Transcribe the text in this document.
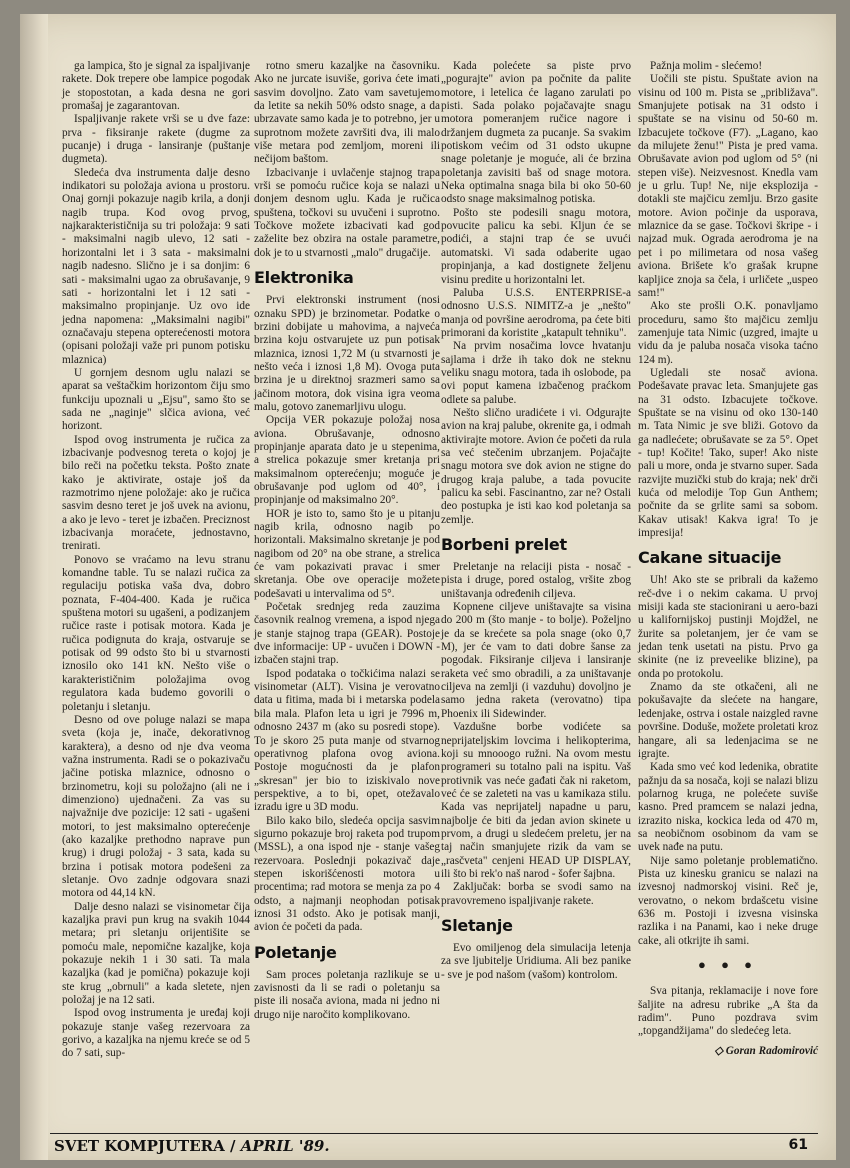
ga lampica, što je signal za ispaljivanje rakete. Dok trepere obe lampice pogodak je stopostotan, a kada desna ne gori promašaj je zagarantovan.

Ispaljivanje rakete vrši se u dve faze: prva - fiksiranje rakete (dugme za pucanje) i druga - lansiranje (puštanje dugmeta).

Sledeća dva instrumenta dalje desno indikatori su položaja aviona u prostoru. Onaj gornji pokazuje nagib krila, a donji nagib trupa. Kod ovog prvog, najkarakterističnija su tri položaja: 9 sati - maksimalni nagib ulevo, 12 sati - horizontalni let i 3 sata - maksimalni nagib nadesno. Slično je i sa donjim: 6 sati - maksimalni ugao za obrušavanje, 9 sati - horizontalni let i 12 sati - maksimalno propinjanje. Uz ovo ide jedna napomena: „Maksimalni nagibi" označavaju stepena opterećenosti motora (opisani položaji važe pri punom potisku mlaznica)

U gornjem desnom uglu nalazi se aparat sa veštačkim horizontom čiju smo funkciju upoznali u „Ejsu", samo što se sada ne „naginje" slčica aviona, već horizont.

Ispod ovog instrumenta je ručica za izbacivanje podvesnog tereta o kojoj je bilo reči na početku teksta. Pošto znate kako je aktivirate, ostaje još da razmotrimo njene položaje: ako je ručica sasvim desno teret je još uvek na avionu, a ako je levo - teret je izbačen. Preciznost izbacivanja moraćete, jednostavno, trenirati.

Ponovo se vraćamo na levu stranu komandne table. Tu se nalazi ručica za regulaciju potiska vaša dva, dobro poznata, F-404-400. Kada je ručica spuštena motori su ugašeni, a podizanjem ručice raste i potisak motora. Kada je ručica podignuta do kraja, ostvaruje se potisak od 99 odsto što bi u stvarnosti iznosilo oko 141 kN. Nešto više o karakterističnim položajima ovog regulatora kada budemo govorili o poletanju i sletanju.

Desno od ove poluge nalazi se mapa sveta (koja je, inače, dekorativnog karaktera), a desno od nje dva veoma važna instrumenta. Radi se o pokazivaču jačine potiska mlaznice, odnosno o brzinometru, koji su položajno (ali ne i dimenziono) ujednačeni. Za vas su najvažnije dve pozicije: 12 sati - ugašeni motori, to jest maksimalno opterećenje (ako kazaljke prethodno naprave pun krug) i drugi položaj - 3 sata, kada su brzina i potisak motora podešeni za sletanje. Ovo zadnje odgovara snazi motora od 44,14 kN.

Dalje desno nalazi se visinometar čija kazaljka pravi pun krug na svakih 1044 metara; pri sletanju orijentišite se pomoću male, nepomične kazaljke, koja pokazuje nekih 1 i 30 sati. Ta mala kazaljka (kad je pomična) pokazuje koji ste krug „obrnuli" a kada sletete, njen položaj je na 12 sati.

Ispod ovog instrumenta je uređaj koji pokazuje stanje vašeg rezervoara za gorivo, a kazaljka na njemu kreće se od 5 do 7 sati, sup-

rotno smeru kazaljke na časovniku. Ako ne jurcate isuviše, goriva ćete imati sasvim dovoljno. Zato vam savetujemo da letite sa nekih 50% odsto snage, a da ubrzavate samo kada je to potrebno, jer u suprotnom možete završiti dva, ili malo više metara pod zemljom, moreni ili nečijom baštom.

Izbacivanje i uvlačenje stajnog trapa vrši se pomoću ručice koja se nalazi u donjem desnom uglu. Kada je ručica spuštena, točkovi su uvučeni i suprotno. Točkove možete izbacivati kad god zaželite bez obzira na ostale parametre, dok je to u stvarnosti „malo" drugačije.

Elektronika

Prvi elektronski instrument (nosi oznaku SPD) je brzinometar. Podatke o brzini dobijate u mahovima, a najveća brzina koju ostvarujete uz pun potisak mlaznica, iznosi 1,72 M (u stvarnosti je nešto veća i iznosi 1,8 M). Ovoga puta brzina je u direktnoj srazmeri samo sa jačinom motora, dok visina igra veoma malu, gotovo zanemarljivu ulogu.

Opcija VER pokazuje položaj nosa aviona. Obrušavanje, odnosno propinjanje aparata dato je u stepenima, a strelica pokazuje smer kretanja pri maksimalnom opterećenju; moguće je obrušavanje pod uglom od 40°, i propinjanje od maksimalno 20°.

HOR je isto to, samo što je u pitanju nagib krila, odnosno nagib po horizontali. Maksimalno skretanje je pod nagibom od 20° na obe strane, a strelica će vam pokazivati pravac i smer skretanja. Obe ove operacije možete podešavati u intervalima od 5°.

Početak srednjeg reda zauzima časovnik realnog vremena, a ispod njega je stanje stajnog trapa (GEAR). Postoje dve informacije: UP - uvučen i DOWN - izbačen stajni trap.

Ispod podataka o točkićima nalazi se visinometar (ALT). Visina je verovatno data u fitima, mada bi i metarska podela bila mala. Plafon leta u igri je 7996 m, odnosno 2437 m (ako su posredi stope). To je skoro 25 puta manje od stvarnog operativnog plafona ovog aviona. Postoje mogućnosti da je plafon „skresan" jer bio to iziskivalo nove perspektive, a to bi, opet, otežavalo izradu igre u 3D modu.

Bilo kako bilo, sledeća opcija sasvim sigurno pokazuje broj raketa pod trupom (MSSL), a ona ispod nje - stanje vašeg rezervoara. Poslednji pokazivač daje stepen iskorišćenosti motora u procentima; rad motora se menja za po 4 odsto, a najmanji neophodan potisak iznosi 31 odsto. Ako je potisak manji, avion će početi da pada.

Poletanje

Sam proces poletanja razlikuje se u zavisnosti da li se radi o poletanju sa piste ili nosača aviona, mada ni jedno ni drugo nije naročito komplikovano.

Kada polećete sa piste prvo „pogurajte" avion pa počnite da palite motore, i letelica će lagano zarulati po pisti. Sada polako pojačavajte snagu motora pomeranjem ručice nagore i držanjem dugmeta za pucanje. Sa svakim potiskom većim od 31 odsto ukupne snage poletanje je moguće, ali će brzina poletanja zavisiti baš od snage motora. Neka optimalna snaga bila bi oko 50-60 odsto snage maksimalnog potiska.

Pošto ste podesili snagu motora, povucite palicu ka sebi. Kljun će se podići, a stajni trap će se uvući automatski. Vi sada odaberite ugao propinjanja, a kad dostignete željenu visinu predite u horizontalni let.

Paluba U.S.S. ENTERPRISE-a odnosno U.S.S. NIMITZ-a je „nešto" manja od površine aerodroma, pa ćete biti primorani da koristite „katapult tehniku".

Na prvim nosačima lovce hvatanju sajlama i drže ih tako dok ne steknu veliku snagu motora, tada ih oslobode, pa ovi poput kamena izbačenog praćkom odlete sa palube.

Nešto slično uradićete i vi. Odgurajte avion na kraj palube, okrenite ga, i odmah aktivirajte motore. Avion će početi da rula sa već stečenim ubrzanjem. Pojačajte snagu motora sve dok avion ne stigne do drugog kraja palube, a tada povucite palicu ka sebi. Fascinantno, zar ne? Ostali deo postupka je isti kao kod poletanja sa zemlje.

Borbeni prelet

Preletanje na relaciji pista - nosač - pista i druge, pored ostalog, vršite zbog uništavanja određenih ciljeva.

Kopnene ciljeve uništavajte sa visina do 200 m (što manje - to bolje). Poželjno je da se krećete sa pola snage (oko 0,7 M), jer će vam to dati dobre šanse za pogodak. Fiksiranje ciljeva i lansiranje raketa već smo obradili, a za uništavanje ciljeva na zemlji (i vazduhu) dovoljno je samo jedna raketa (verovatno) tipa Phoenix ili Sidewinder.

Vazdušne borbe vodićete sa neprijateljskim lovcima i helikopterima, koji su mnooogo ružni. Na ovom mestu programeri su totalno pali na ispitu. Vaš protivnik vas neće gađati čak ni raketom, već će se zaleteti na vas u kamikaza stilu. Kada vas neprijatelj napadne u paru, najbolje će biti da jedan avion skinete u prvom, a drugi u sledećem preletu, jer na taj način smanjujete rizik da vam se „rasčveta" cenjeni HEAD UP DISPLAY, ili što bi rek'o naš narod - šofer šajbna.

Zaključak: borba se svodi samo na pravovremeno ispaljivanje rakete.

Sletanje

Evo omiljenog dela simulacija letenja za sve ljubitelje Uridiuma. Ali bez panike - sve je pod našom (vašom) kontrolom.

Pažnja molim - slećemo!

Uočili ste pistu. Spuštate avion na visinu od 100 m. Pista se „približava". Smanjujete potisak na 31 odsto i spuštate se na visinu od 50-60 m. Izbacujete točkove (F7). „Lagano, kao da milujete ženu!" Pista je pred vama. Obrušavate avion pod uglom od 5° (ni stepen više). Neizvesnost. Knedla vam je u grlu. Tup! Ne, nije eksplozija - dotakli ste majčicu zemlju. Brzo gasite motore. Avion počinje da usporava, mlaznice da se gase. Točkovi škripe - i najzad muk. Ograda aerodroma je na pet i po milimetara od nosa vašeg aviona. Brišete k'o grašak krupne kapljice znoja sa čela, i urličete „uspeo sam!"

Ako ste prošli O.K. ponavljamo proceduru, samo što majčicu zemlju zamenjuje tata Nimic (uzgred, imajte u vidu da je paluba nosača visoka taćno 124 m).

Ugledali ste nosač aviona. Podešavate pravac leta. Smanjujete gas na 31 odsto. Izbacujete točkove. Spuštate se na visinu od oko 130-140 m. Tata Nimic je sve bliži. Gotovo da ga nadlećete; obrušavate se za 5°. Opet - tup! Kočite! Tako, super! Ako niste pali u more, onda je stvarno super. Sada razvijte muzički stub do kraja; nek' drči kuća od melodije Top Gun Anthem; počnite da se grlite sami sa sobom. Kakav utisak! Kakva igra! To je impresija!

Cakane situacije

Uh! Ako ste se pribrali da kažemo reč-dve i o nekim cakama. U prvoj misiji kada ste stacionirani u aero-bazi u kalifornijskoj pustinji Mojdžel, ne žurite sa poletanjem, jer će vam se jedan tenk usetati na pistu. Prvo ga skinite (ne iz preveelike blizine), pa onda po protokolu.

Znamo da ste otkačeni, ali ne pokušavajte da slećete na hangare, ledenjake, ostrva i ostale naizgled ravne površine. Doduše, možete proletati kroz hangare, ali sa ledenjacima se ne igrajte.

Kada smo već kod ledenika, obratite pažnju da sa nosača, koji se nalazi blizu polarnog kruga, ne polećete suviše kasno. Pred pramcem se nalazi jedna, izrazito niska, kockica leda od 470 m, sa neobičnom osobinom da vam se uvek nađe na putu.

Nije samo poletanje problematično. Pista uz kinesku granicu se nalazi na izvesnoj nadmorskoj visini. Reč je, verovatno, o nekom brdašcetu visine 636 m. Postoji i izvesna visinska razlika i na Panami, kao i neke druge cake, ali otkrijte ih sami.

● ● ●

Sva pitanja, reklamacije i nove fore šaljite na adresu rubrike „A šta da radim". Puno pozdrava svim „topgandžijama" do sledećeg leta.

◇ Goran Radomirović
SVET KOMPJUTERA / APRIL '89.	61
